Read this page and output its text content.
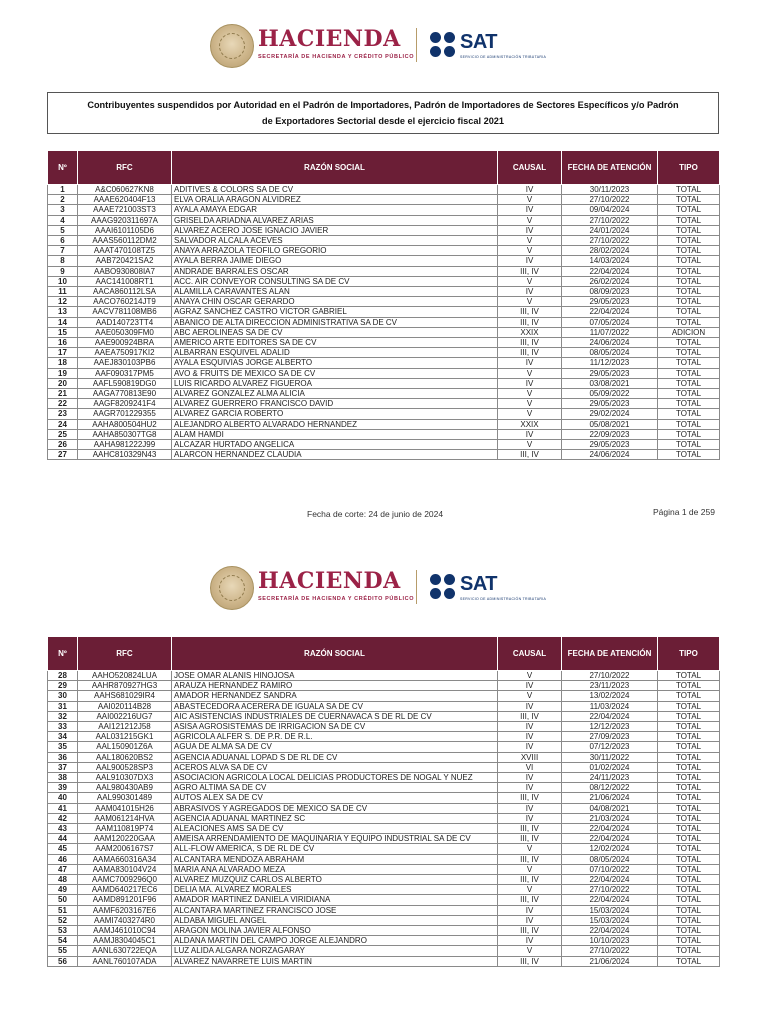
HACIENDA
SECRETARÍA DE HACIENDA Y CRÉDITO PÚBLICO
SAT
SERVICIO DE ADMINISTRACIÓN TRIBUTARIA
Contribuyentes suspendidos por Autoridad en el Padrón de Importadores, Padrón de Importadores de Sectores Específicos y/o Padrón
de Exportadores Sectorial desde el ejercicio fiscal 2021
Nº	RFC	RAZÓN SOCIAL	CAUSAL	FECHA DE ATENCIÓN	TIPO
1	A&C060627KN8	ADITIVES & COLORS SA DE CV	IV	30/11/2023	TOTAL
2	AAAE620404F13	ELVA ORALIA ARAGON ALVIDREZ	V	27/10/2022	TOTAL
3	AAAE721003ST3	AYALA AMAYA EDGAR	IV	09/04/2024	TOTAL
4	AAAG920311697A	GRISELDA ARIADNA ALVAREZ ARIAS	V	27/10/2022	TOTAL
5	AAAI6101105D6	ALVAREZ ACERO JOSE IGNACIO JAVIER	IV	24/01/2024	TOTAL
6	AAAS560112DM2	SALVADOR ALCALA ACEVES	V	27/10/2022	TOTAL
7	AAAT470108TZ5	ANAYA ARRAZOLA TEOFILO GREGORIO	V	28/02/2024	TOTAL
8	AAB720421SA2	AYALA BERRA JAIME DIEGO	IV	14/03/2024	TOTAL
9	AABO930808IA7	ANDRADE BARRALES OSCAR	III, IV	22/04/2024	TOTAL
10	AAC141008RT1	ACC. AIR CONVEYOR CONSULTING SA DE CV	V	26/02/2024	TOTAL
11	AACA860112LSA	ALAMILLA CARAVANTES ALAN	IV	08/09/2023	TOTAL
12	AACO760214JT9	ANAYA CHIN OSCAR GERARDO	V	29/05/2023	TOTAL
13	AACV781108MB6	AGRAZ SANCHEZ CASTRO VICTOR GABRIEL	III, IV	22/04/2024	TOTAL
14	AAD140723TT4	ABANICO DE ALTA DIRECCION ADMINISTRATIVA SA DE CV	III, IV	07/05/2024	TOTAL
15	AAE050309FM0	ABC AEROLINEAS SA DE CV	XXIX	11/07/2022	ADICION
16	AAE900924BRA	AMERICO ARTE EDITORES SA DE CV	III, IV	24/06/2024	TOTAL
17	AAEA750917KI2	ALBARRAN ESQUIVEL ADALID	III, IV	08/05/2024	TOTAL
18	AAEJ830103PB6	AYALA ESQUIVIAS JORGE ALBERTO	IV	11/12/2023	TOTAL
19	AAF090317PM5	AVO & FRUITS DE MEXICO SA DE CV	V	29/05/2023	TOTAL
20	AAFL590819DG0	LUIS RICARDO ALVAREZ FIGUEROA	IV	03/08/2021	TOTAL
21	AAGA770813E90	ALVAREZ GONZALEZ ALMA ALICIA	V	05/09/2022	TOTAL
22	AAGF8209241F4	ALVAREZ GUERRERO FRANCISCO DAVID	V	29/05/2023	TOTAL
23	AAGR701229355	ALVAREZ GARCIA ROBERTO	V	29/02/2024	TOTAL
24	AAHA800504HU2	ALEJANDRO ALBERTO ALVARADO HERNANDEZ	XXIX	05/08/2021	TOTAL
25	AAHA850307TG8	ALAM HAMDI	IV	22/09/2023	TOTAL
26	AAHA981222J99	ALCAZAR HURTADO ANGELICA	V	29/05/2023	TOTAL
27	AAHC810329N43	ALARCON HERNANDEZ CLAUDIA	III, IV	24/06/2024	TOTAL
Fecha de corte: 24 de junio de 2024	Página 1 de 259
HACIENDA
SECRETARÍA DE HACIENDA Y CRÉDITO PÚBLICO
SAT
SERVICIO DE ADMINISTRACIÓN TRIBUTARIA
Nº	RFC	RAZÓN SOCIAL	CAUSAL	FECHA DE ATENCIÓN	TIPO
28	AAHO520824LUA	JOSE OMAR ALANIS HINOJOSA	V	27/10/2022	TOTAL
29	AAHR870927HG3	ARAUZA HERNANDEZ RAMIRO	IV	23/11/2023	TOTAL
30	AAHS681029IR4	AMADOR HERNANDEZ SANDRA	V	13/02/2024	TOTAL
31	AAI020114B28	ABASTECEDORA ACERERA DE IGUALA SA DE CV	IV	11/03/2024	TOTAL
32	AAI002216UG7	AIC ASISTENCIAS INDUSTRIALES DE CUERNAVACA S DE RL DE CV	III, IV	22/04/2024	TOTAL
33	AAI121212J58	ASISA AGROSISTEMAS DE IRRIGACION SA DE CV	IV	12/12/2023	TOTAL
34	AAL031215GK1	AGRICOLA ALFER S. DE P.R. DE R.L.	IV	27/09/2023	TOTAL
35	AAL150901Z6A	AGUA DE ALMA SA DE CV	IV	07/12/2023	TOTAL
36	AAL180620BS2	AGENCIA ADUANAL LOPAD S DE RL DE CV	XVIII	30/11/2022	TOTAL
37	AAL900528SP3	ACEROS ALVA SA DE CV	VI	01/02/2024	TOTAL
38	AAL910307DX3	ASOCIACION AGRICOLA LOCAL DELICIAS PRODUCTORES DE NOGAL Y NUEZ	IV	24/11/2023	TOTAL
39	AAL980430AB9	AGRO ALTIMA SA DE CV	IV	08/12/2022	TOTAL
40	AAL990301489	AUTOS ALEX SA DE CV	III, IV	21/06/2024	TOTAL
41	AAM041015H26	ABRASIVOS Y AGREGADOS DE MEXICO SA DE CV	IV	04/08/2021	TOTAL
42	AAM061214HVA	AGENCIA ADUANAL MARTINEZ SC	IV	21/03/2024	TOTAL
43	AAM110819P74	ALEACIONES AMS SA DE CV	III, IV	22/04/2024	TOTAL
44	AAM120220GAA	AMEISA ARRENDAMIENTO DE MAQUINARIA Y EQUIPO INDUSTRIAL SA DE CV	III, IV	22/04/2024	TOTAL
45	AAM2006167S7	ALL-FLOW AMERICA, S DE RL DE CV	V	12/02/2024	TOTAL
46	AAMA660316A34	ALCANTARA MENDOZA ABRAHAM	III, IV	08/05/2024	TOTAL
47	AAMA830104V24	MARIA ANA ALVARADO MEZA	V	07/10/2022	TOTAL
48	AAMC7009296Q0	ALVAREZ MUZQUIZ CARLOS ALBERTO	III, IV	22/04/2024	TOTAL
49	AAMD640217EC6	DELIA MA. ALVAREZ MORALES	V	27/10/2022	TOTAL
50	AAMD891201F96	AMADOR MARTINEZ DANIELA VIRIDIANA	III, IV	22/04/2024	TOTAL
51	AAMF6203167E6	ALCANTARA MARTINEZ FRANCISCO JOSE	IV	15/03/2024	TOTAL
52	AAMI7403274R0	ALDABA MIGUEL ANGEL	IV	15/03/2024	TOTAL
53	AAMJ461010C94	ARAGON MOLINA JAVIER ALFONSO	III, IV	22/04/2024	TOTAL
54	AAMJ8304045C1	ALDANA MARTIN DEL CAMPO JORGE ALEJANDRO	IV	10/10/2023	TOTAL
55	AANL630722EQA	LUZ ALIDA ALGARA NORZAGARAY	V	27/10/2022	TOTAL
56	AANL760107ADA	ALVAREZ NAVARRETE LUIS MARTIN	III, IV	21/06/2024	TOTAL
